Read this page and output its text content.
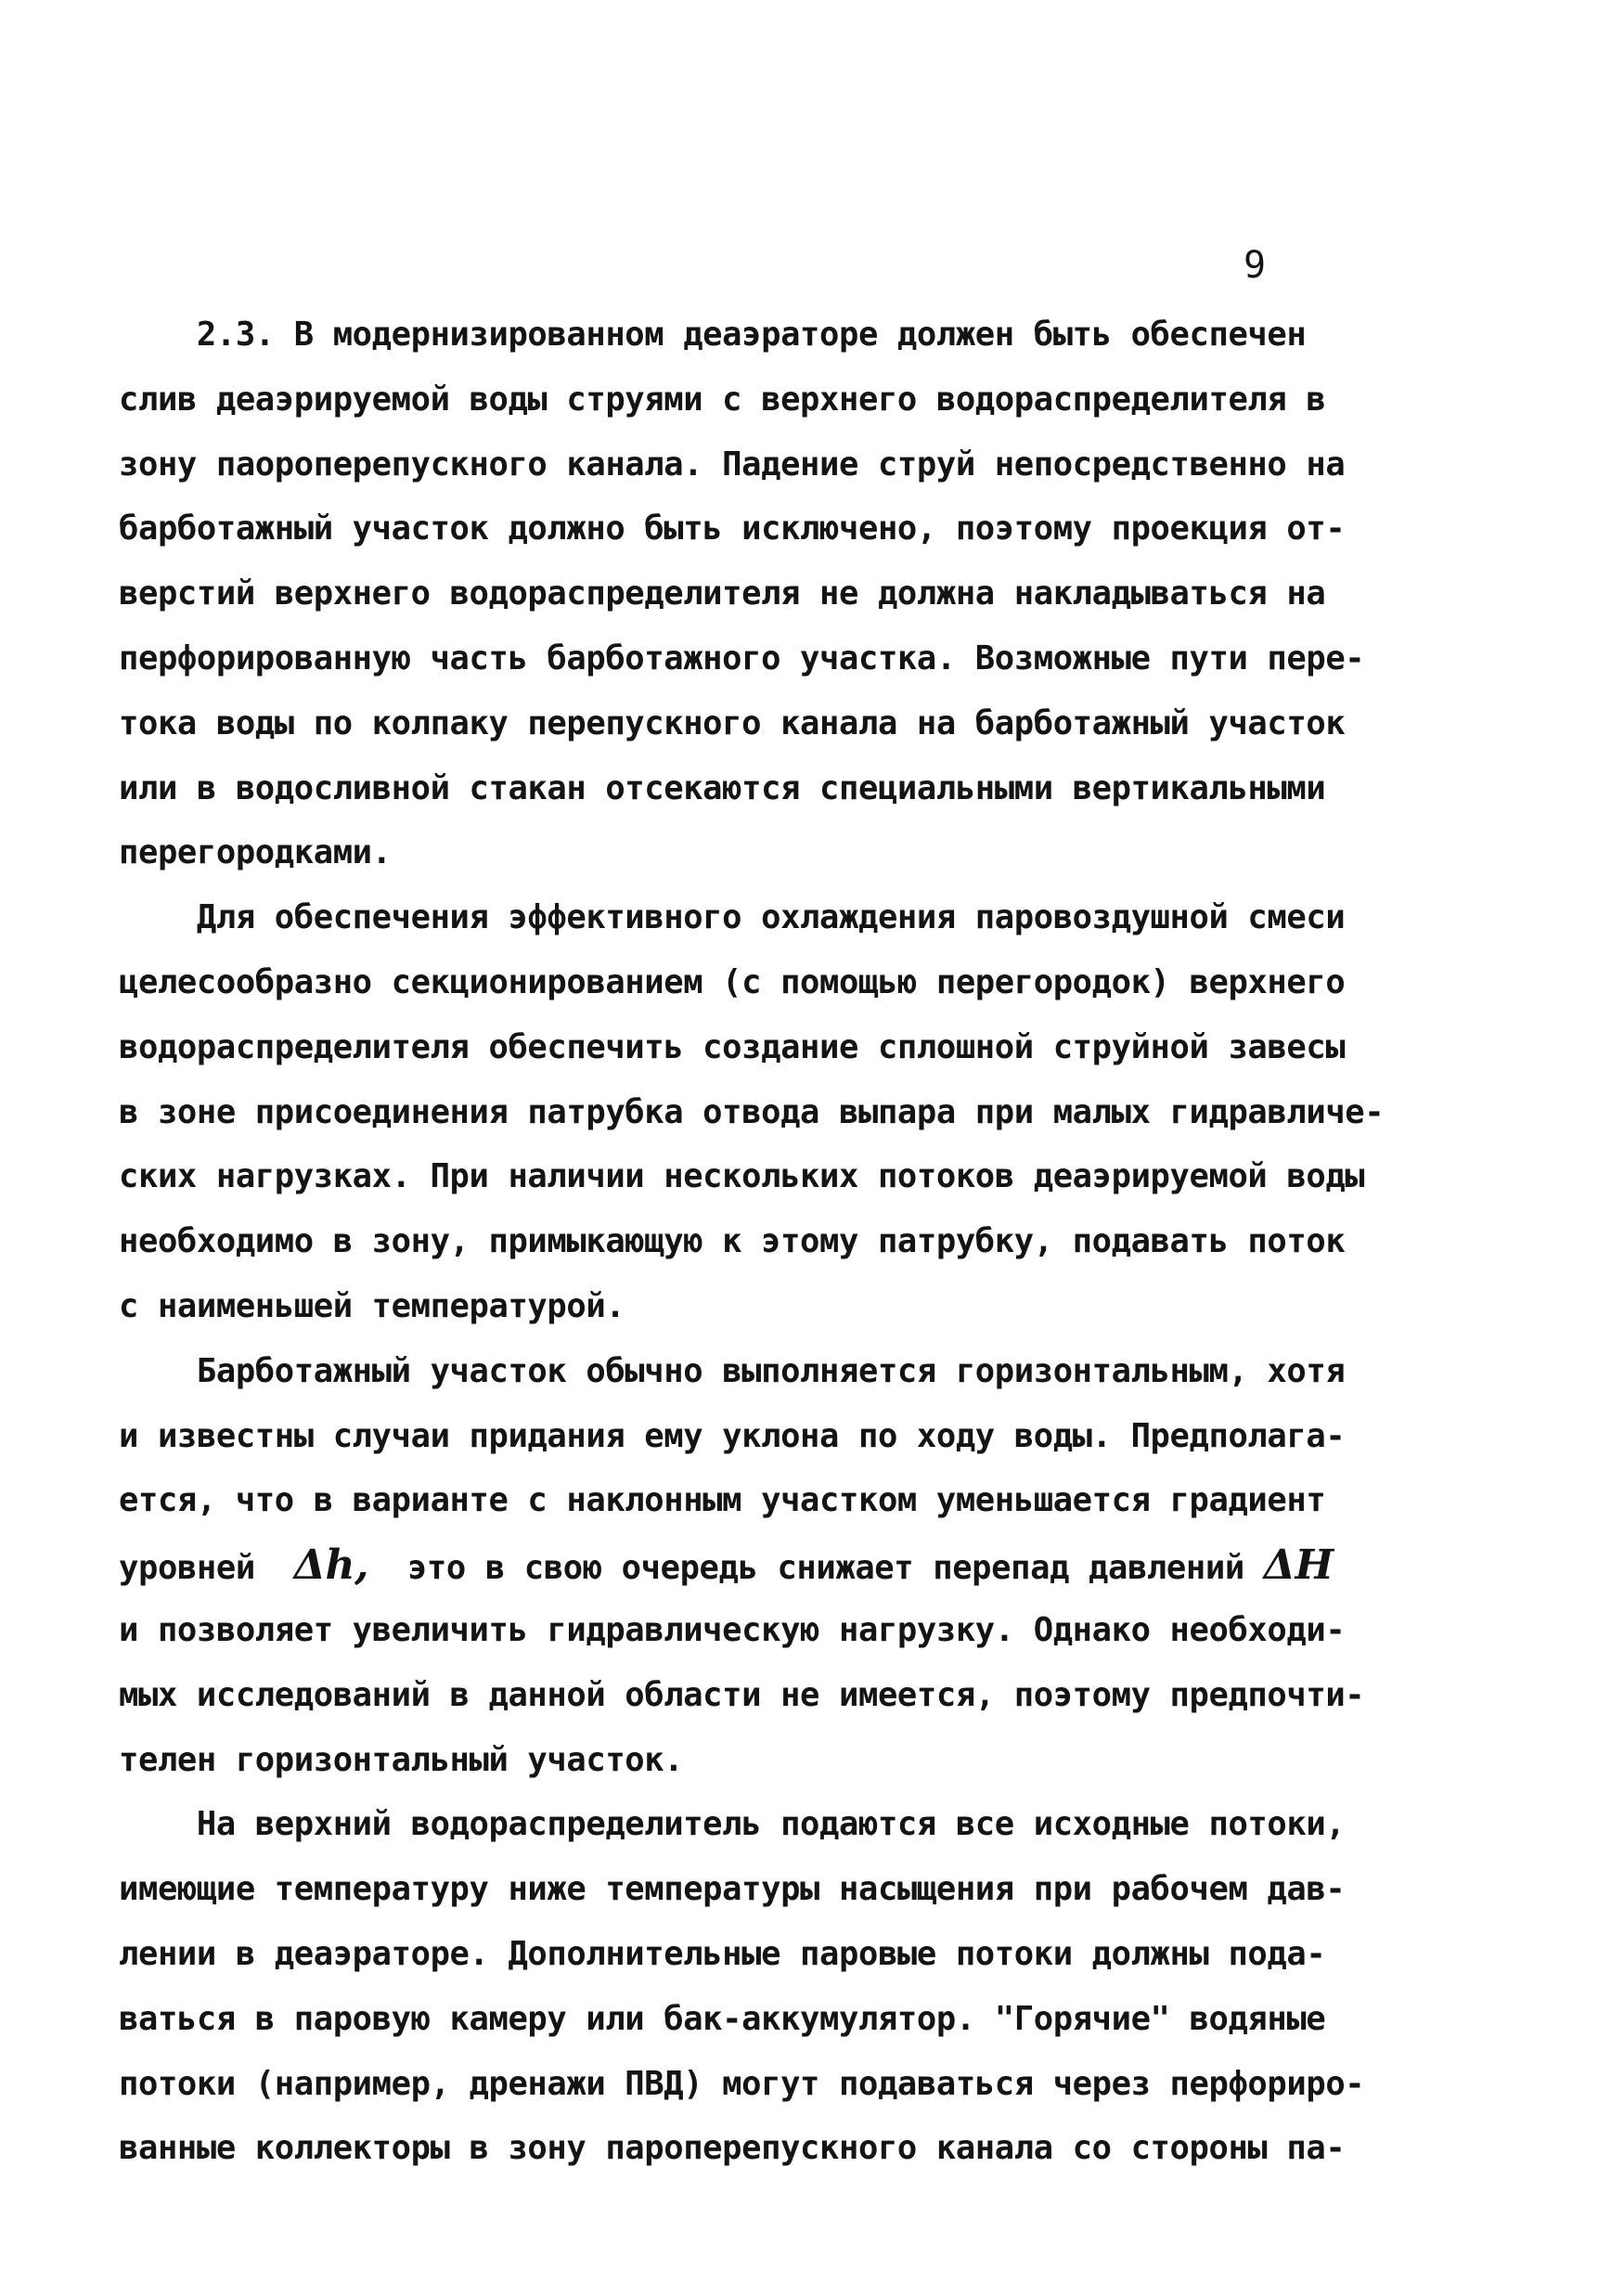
9
2.3. В модернизированном деаэраторе должен быть обеспечен
слив деаэрируемой воды струями с верхнего водораспределителя в
зону паороперепускного канала. Падение струй непосредственно на
барботажный участок должно быть исключено, поэтому проекция от-
верстий верхнего водораспределителя не должна накладываться на
перфорированную часть барботажного участка. Возможные пути пере-
тока воды по колпаку перепускного канала на барботажный участок
или в водосливной стакан отсекаются специальными вертикальными
перегородками.
Для обеспечения эффективного охлаждения паровоздушной смеси
целесообразно секционированием (с помощью перегородок) верхнего
водораспределителя обеспечить создание сплошной струйной завесы
в зоне присоединения патрубка отвода выпара при малых гидравличе-
ских нагрузках. При наличии нескольких потоков деаэрируемой воды
необходимо в зону, примыкающую к этому патрубку, подавать поток
с наименьшей температурой.
Барботажный участок обычно выполняется горизонтальным, хотя
и известны случаи придания ему уклона по ходу воды. Предполага-
ется, что в варианте с наклонным участком уменьшается градиент
уровней  Δh,  это в свою очередь снижает перепад давлений ΔH
и позволяет увеличить гидравлическую нагрузку. Однако необходи-
мых исследований в данной области не имеется, поэтому предпочти-
телен горизонтальный участок.
На верхний водораспределитель подаются все исходные потоки,
имеющие температуру ниже температуры насыщения при рабочем дав-
лении в деаэраторе. Дополнительные паровые потоки должны пода-
ваться в паровую камеру или бак-аккумулятор. "Горячие" водяные
потоки (например, дренажи ПВД) могут подаваться через перфориро-
ванные коллекторы в зону пароперепускного канала со стороны па-
